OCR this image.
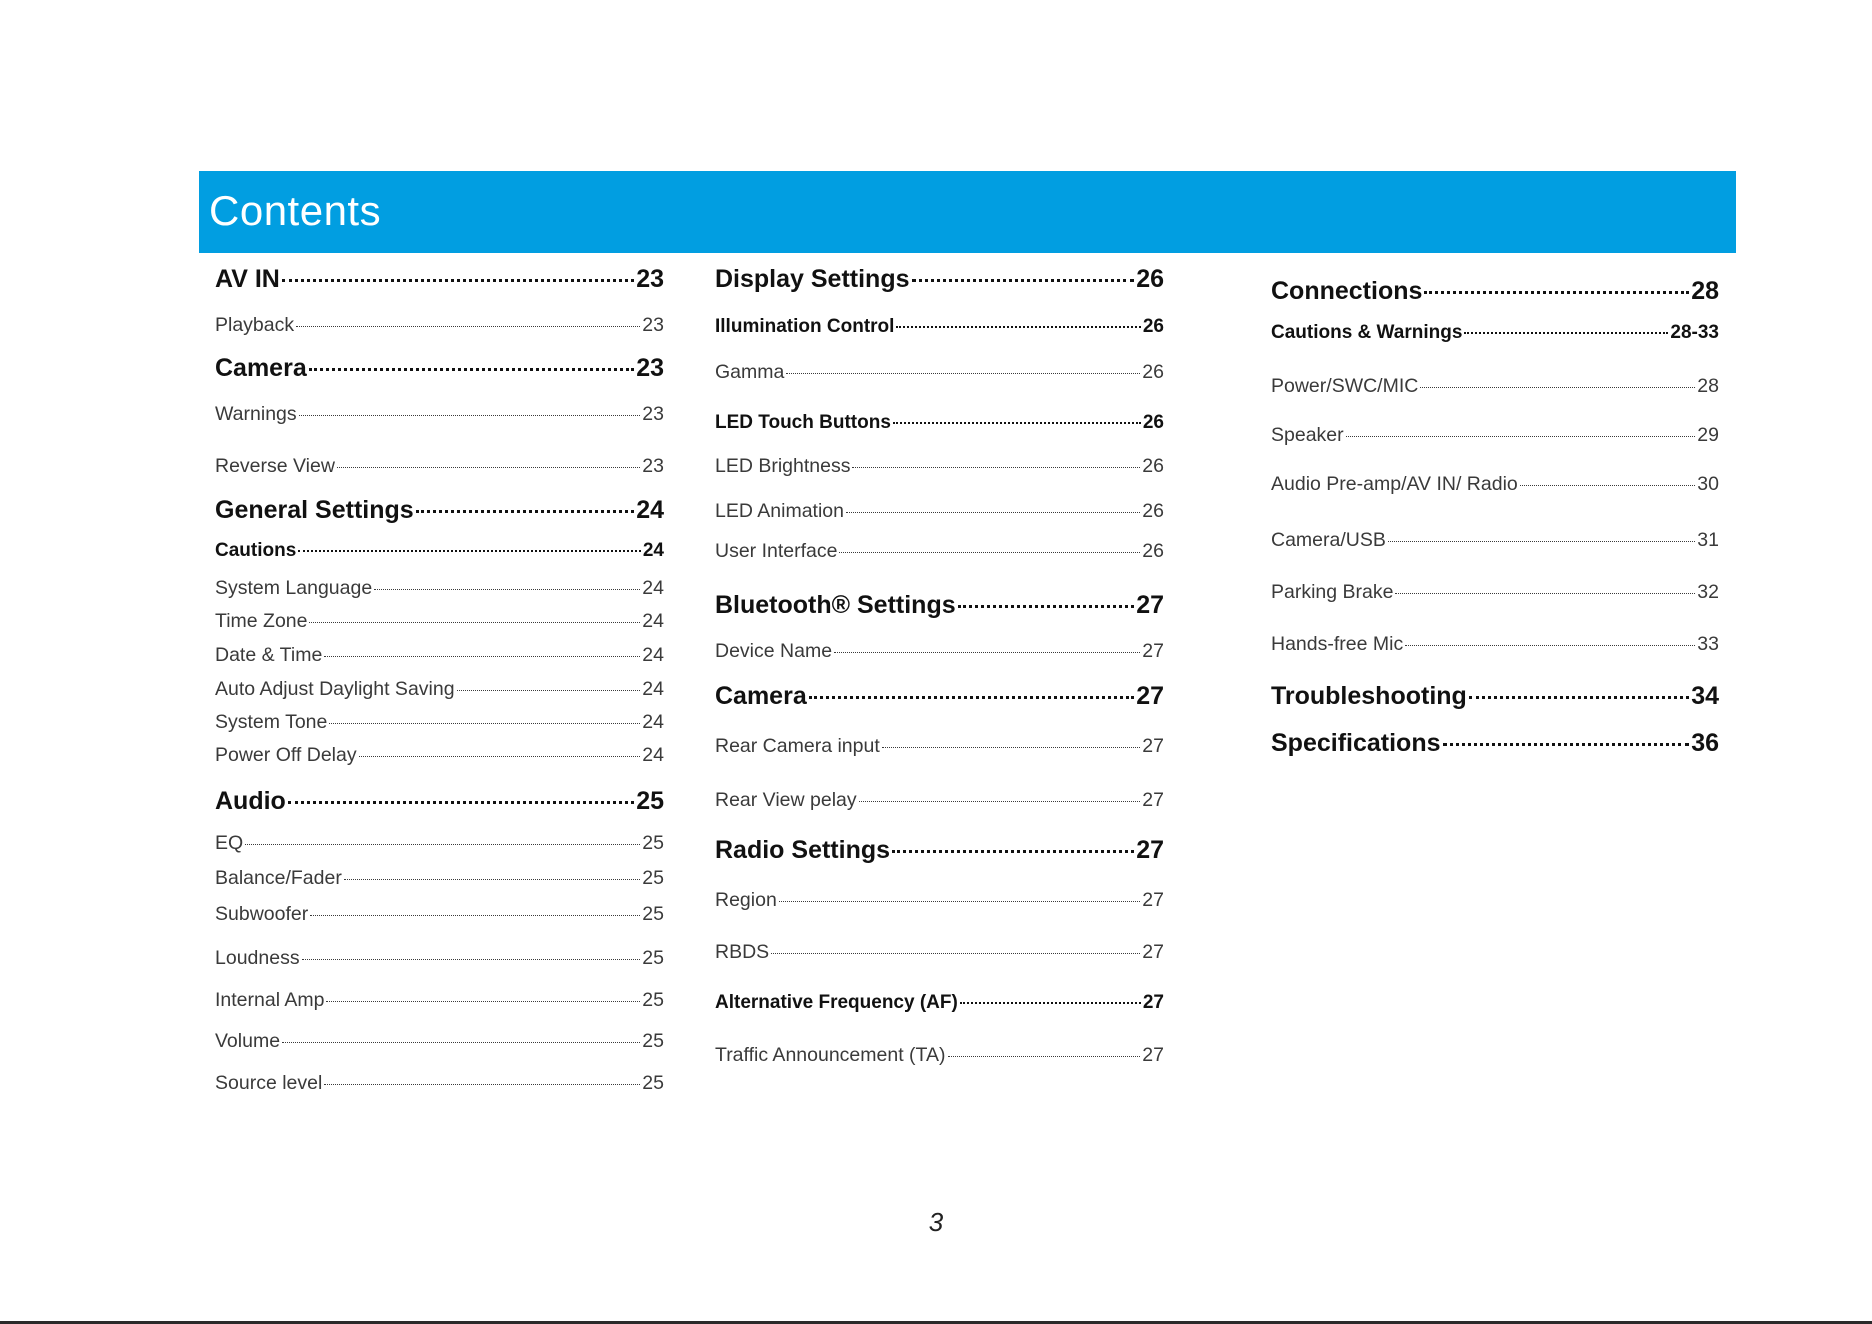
Contents
AV IN	23
Playback	23
Camera	23
Warnings	23
Reverse View	23
General Settings	24
Cautions	24
System Language	24
Time Zone	24
Date & Time	24
Auto Adjust Daylight Saving	24
System Tone	24
Power Off Delay	24
Audio	25
EQ	25
Balance/Fader	25
Subwoofer	25
Loudness	25
Internal Amp	25
Volume	25
Source level	25
Display Settings	26
Illumination Control	26
Gamma	26
LED Touch Buttons	26
LED Brightness	26
LED Animation	26
User Interface	26
Bluetooth® Settings	27
Device Name	27
Camera	27
Rear Camera input	27
Rear View pelay	27
Radio Settings	27
Region	27
RBDS	27
Alternative Frequency (AF)	27
Traffic Announcement (TA)	27
Connections	28
Cautions & Warnings	28-33
Power/SWC/MIC	28
Speaker	29
Audio Pre-amp/AV IN/ Radio	30
Camera/USB	31
Parking Brake	32
Hands-free Mic	33
Troubleshooting	34
Specifications	36
3
